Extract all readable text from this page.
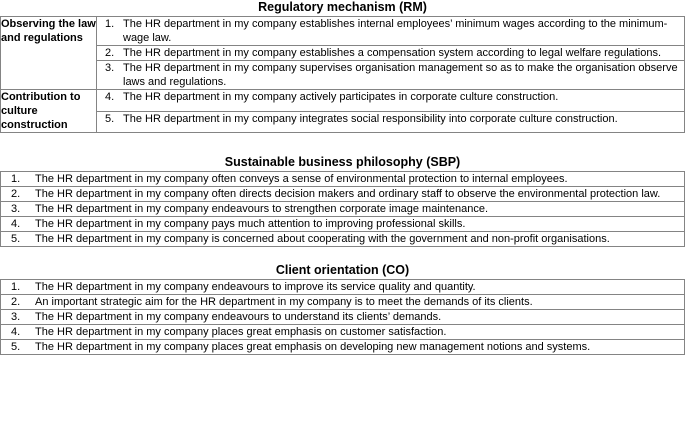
Regulatory mechanism (RM)
Observing the law and regulations	1. The HR department in my company establishes internal employees’ minimum wages according to the minimum-wage law.

	2. The HR department in my company establishes a compensation system according to legal welfare regulations.

	3. The HR department in my company supervises organisation management so as to make the organisation observe laws and regulations.

Contribution to culture construction	4. The HR department in my company actively participates in corporate culture construction.

	5. The HR department in my company integrates social responsibility into corporate culture construction.
Sustainable business philosophy (SBP)
1.	The HR department in my company often conveys a sense of environmental protection to internal employees.

2.	The HR department in my company often directs decision makers and ordinary staff to observe the environmental protection law.

3.	The HR department in my company endeavours to strengthen corporate image maintenance.

4.	The HR department in my company pays much attention to improving professional skills.

5.	The HR department in my company is concerned about cooperating with the government and non-profit organisations.
Client orientation (CO)
1.	The HR department in my company endeavours to improve its service quality and quantity.

2.	An important strategic aim for the HR department in my company is to meet the demands of its clients.

3.	The HR department in my company endeavours to understand its clients’ demands.

4.	The HR department in my company places great emphasis on customer satisfaction.

5.	The HR department in my company places great emphasis on developing new management notions and systems.
